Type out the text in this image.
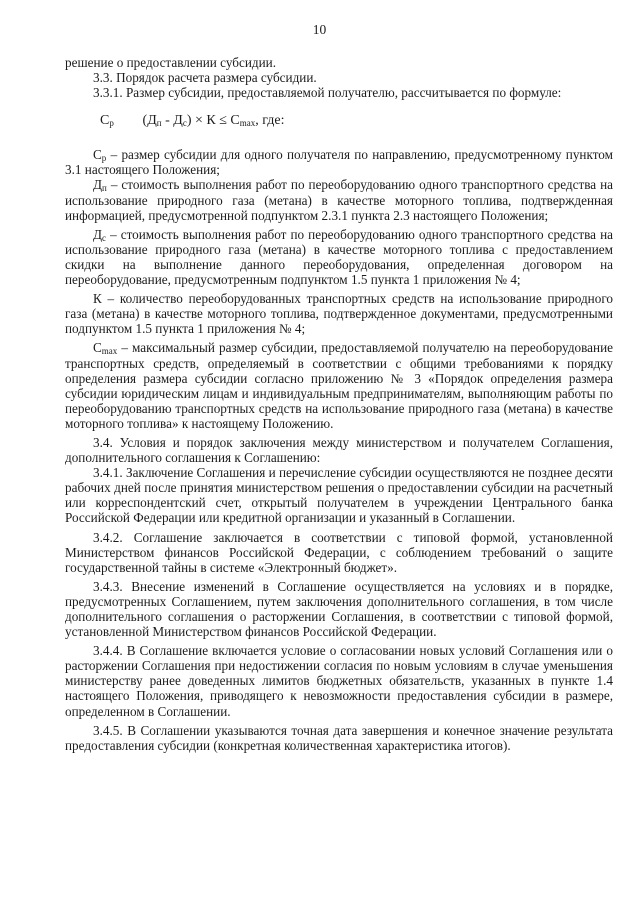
10

решение о предоставлении субсидии.

3.3. Порядок расчета размера субсидии.

3.3.1. Размер субсидии, предоставляемой получателю, рассчитывается по формуле:

$С_р$ $(Д_п - Д_с) \times К \le С_{max}$, где:

$С_р$ – размер субсидии для одного получателя по направлению, предусмотренному пунктом 3.1 настоящего Положения;

$Д_п$ – стоимость выполнения работ по переоборудованию одного транспортного средства на использование природного газа (метана) в качестве моторного топлива, подтвержденная информацией, предусмотренной подпунктом 2.3.1 пункта 2.3 настоящего Положения;

$Д_с$ – стоимость выполнения работ по переоборудованию одного транспортного средства на использование природного газа (метана) в качестве моторного топлива с предоставлением скидки на выполнение данного переоборудования, определенная договором на переоборудование, предусмотренным подпунктом 1.5 пункта 1 приложения № 4;

К – количество переоборудованных транспортных средств на использование природного газа (метана) в качестве моторного топлива, подтвержденное документами, предусмотренными подпунктом 1.5 пункта 1 приложения № 4;

$С_{max}$ – максимальный размер субсидии, предоставляемой получателю на переоборудование транспортных средств, определяемый в соответствии с общими требованиями к порядку определения размера субсидии согласно приложению № 3 «Порядок определения размера субсидии юридическим лицам и индивидуальным предпринимателям, выполняющим работы по переоборудованию транспортных средств на использование природного газа (метана) в качестве моторного топлива» к настоящему Положению.

3.4. Условия и порядок заключения между министерством и получателем Соглашения, дополнительного соглашения к Соглашению:

3.4.1. Заключение Соглашения и перечисление субсидии осуществляются не позднее десяти рабочих дней после принятия министерством решения о предоставлении субсидии на расчетный или корреспондентский счет, открытый получателем в учреждении Центрального банка Российской Федерации или кредитной организации и указанный в Соглашении.

3.4.2. Соглашение заключается в соответствии с типовой формой, установленной Министерством финансов Российской Федерации, с соблюдением требований о защите государственной тайны в системе «Электронный бюджет».

3.4.3. Внесение изменений в Соглашение осуществляется на условиях и в порядке, предусмотренных Соглашением, путем заключения дополнительного соглашения, в том числе дополнительного соглашения о расторжении Соглашения, в соответствии с типовой формой, установленной Министерством финансов Российской Федерации.

3.4.4. В Соглашение включается условие о согласовании новых условий Соглашения или о расторжении Соглашения при недостижении согласия по новым условиям в случае уменьшения министерству ранее доведенных лимитов бюджетных обязательств, указанных в пункте 1.4 настоящего Положения, приводящего к невозможности предоставления субсидии в размере, определенном в Соглашении.

3.4.5. В Соглашении указываются точная дата завершения и конечное значение результата предоставления субсидии (конкретная количественная характеристика итогов).
